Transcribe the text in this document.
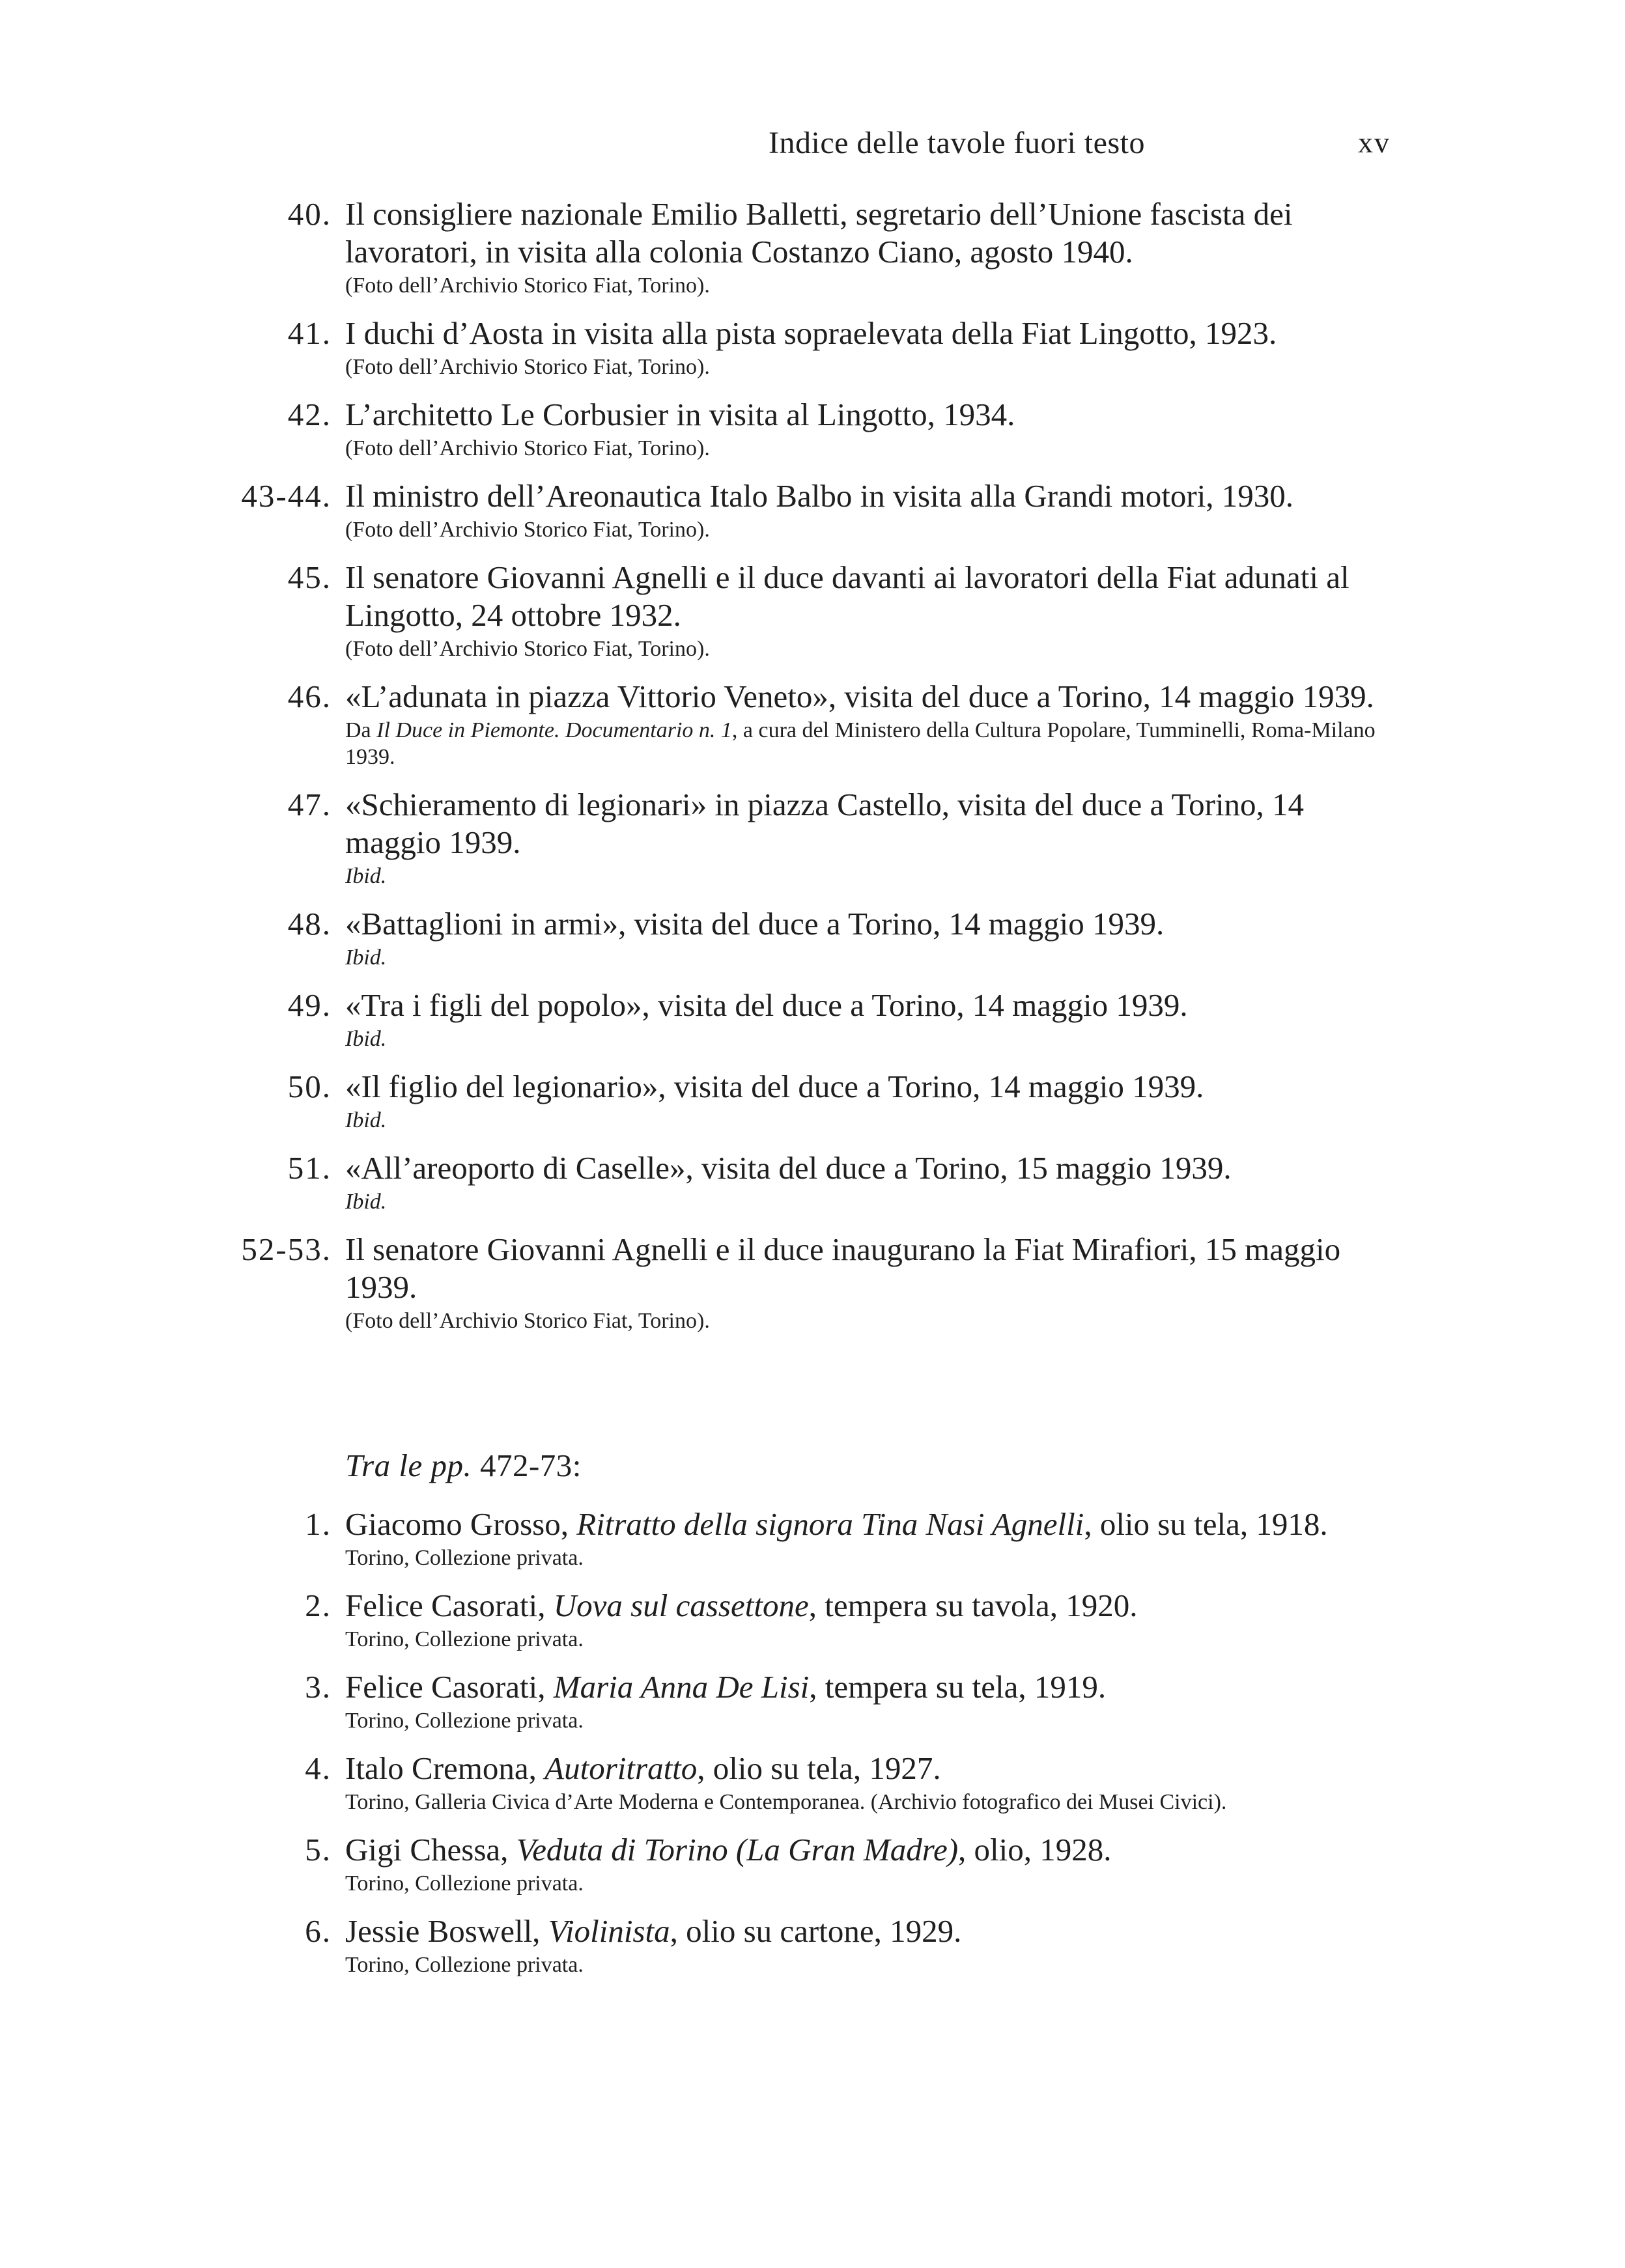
Indice delle tavole fuori testo	xv
40. Il consigliere nazionale Emilio Balletti, segretario dell’Unione fascista dei lavoratori, in visita alla colonia Costanzo Ciano, agosto 1940.
(Foto dell’Archivio Storico Fiat, Torino).
41. I duchi d’Aosta in visita alla pista sopraelevata della Fiat Lingotto, 1923.
(Foto dell’Archivio Storico Fiat, Torino).
42. L’architetto Le Corbusier in visita al Lingotto, 1934.
(Foto dell’Archivio Storico Fiat, Torino).
43-44. Il ministro dell’Areonautica Italo Balbo in visita alla Grandi motori, 1930.
(Foto dell’Archivio Storico Fiat, Torino).
45. Il senatore Giovanni Agnelli e il duce davanti ai lavoratori della Fiat adunati al Lingotto, 24 ottobre 1932.
(Foto dell’Archivio Storico Fiat, Torino).
46. «L’adunata in piazza Vittorio Veneto», visita del duce a Torino, 14 maggio 1939.
Da Il Duce in Piemonte. Documentario n. 1, a cura del Ministero della Cultura Popolare, Tumminelli, Roma-Milano 1939.
47. «Schieramento di legionari» in piazza Castello, visita del duce a Torino, 14 maggio 1939.
Ibid.
48. «Battaglioni in armi», visita del duce a Torino, 14 maggio 1939.
Ibid.
49. «Tra i figli del popolo», visita del duce a Torino, 14 maggio 1939.
Ibid.
50. «Il figlio del legionario», visita del duce a Torino, 14 maggio 1939.
Ibid.
51. «All’areoporto di Caselle», visita del duce a Torino, 15 maggio 1939.
Ibid.
52-53. Il senatore Giovanni Agnelli e il duce inaugurano la Fiat Mirafiori, 15 maggio 1939.
(Foto dell’Archivio Storico Fiat, Torino).
Tra le pp. 472-73:
1. Giacomo Grosso, Ritratto della signora Tina Nasi Agnelli, olio su tela, 1918.
Torino, Collezione privata.
2. Felice Casorati, Uova sul cassettone, tempera su tavola, 1920.
Torino, Collezione privata.
3. Felice Casorati, Maria Anna De Lisi, tempera su tela, 1919.
Torino, Collezione privata.
4. Italo Cremona, Autoritratto, olio su tela, 1927.
Torino, Galleria Civica d’Arte Moderna e Contemporanea. (Archivio fotografico dei Musei Civici).
5. Gigi Chessa, Veduta di Torino (La Gran Madre), olio, 1928.
Torino, Collezione privata.
6. Jessie Boswell, Violinista, olio su cartone, 1929.
Torino, Collezione privata.
